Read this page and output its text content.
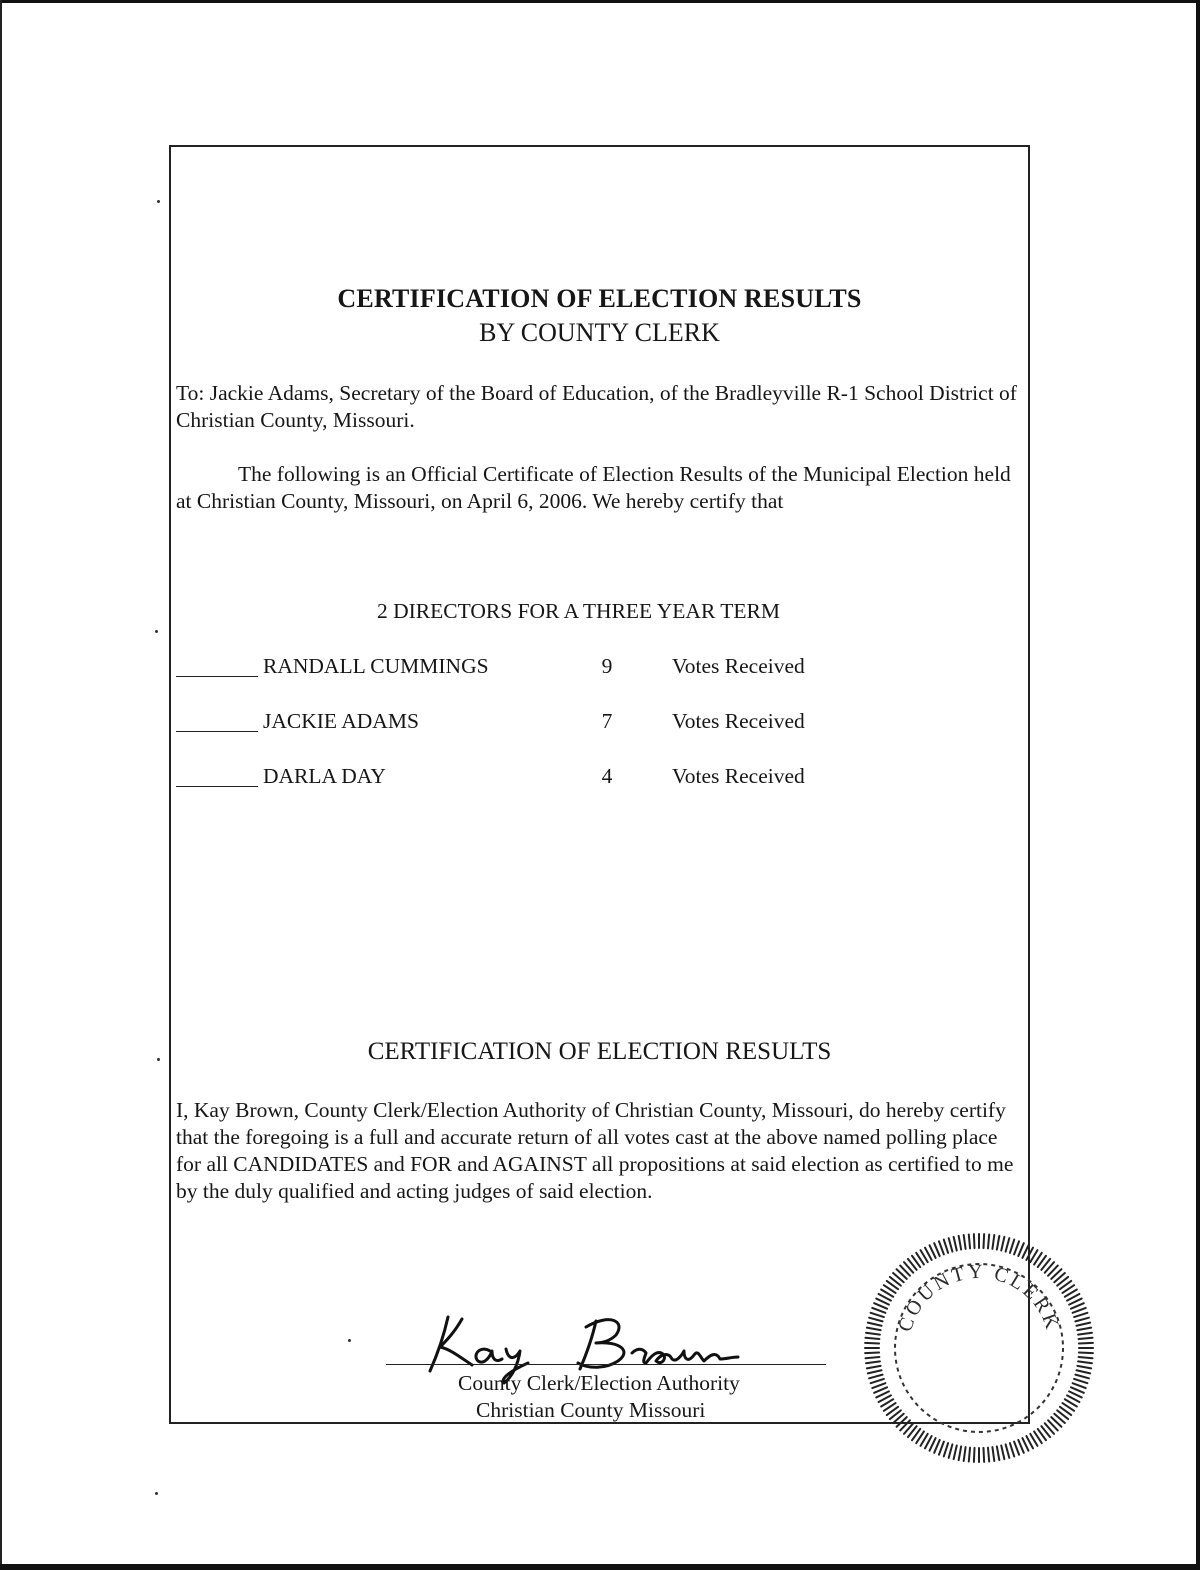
CERTIFICATION OF ELECTION RESULTS
BY COUNTY CLERK
To: Jackie Adams, Secretary of the Board of Education, of the Bradleyville R-1 School District of Christian County, Missouri.
The following is an Official Certificate of Election Results of the Municipal Election held at Christian County, Missouri, on April 6, 2006. We hereby certify that
2 DIRECTORS FOR A THREE YEAR TERM
RANDALL CUMMINGS	9	Votes Received
JACKIE ADAMS	7	Votes Received
DARLA DAY	4	Votes Received
CERTIFICATION OF ELECTION RESULTS
I, Kay Brown, County Clerk/Election Authority of Christian County, Missouri, do hereby certify that the foregoing is a full and accurate return of all votes cast at the above named polling place for all CANDIDATES and FOR and AGAINST all propositions at said election as certified to me by the duly qualified and acting judges of said election.
County Clerk/Election Authority
Christian County Missouri
COUNTY CLERK
